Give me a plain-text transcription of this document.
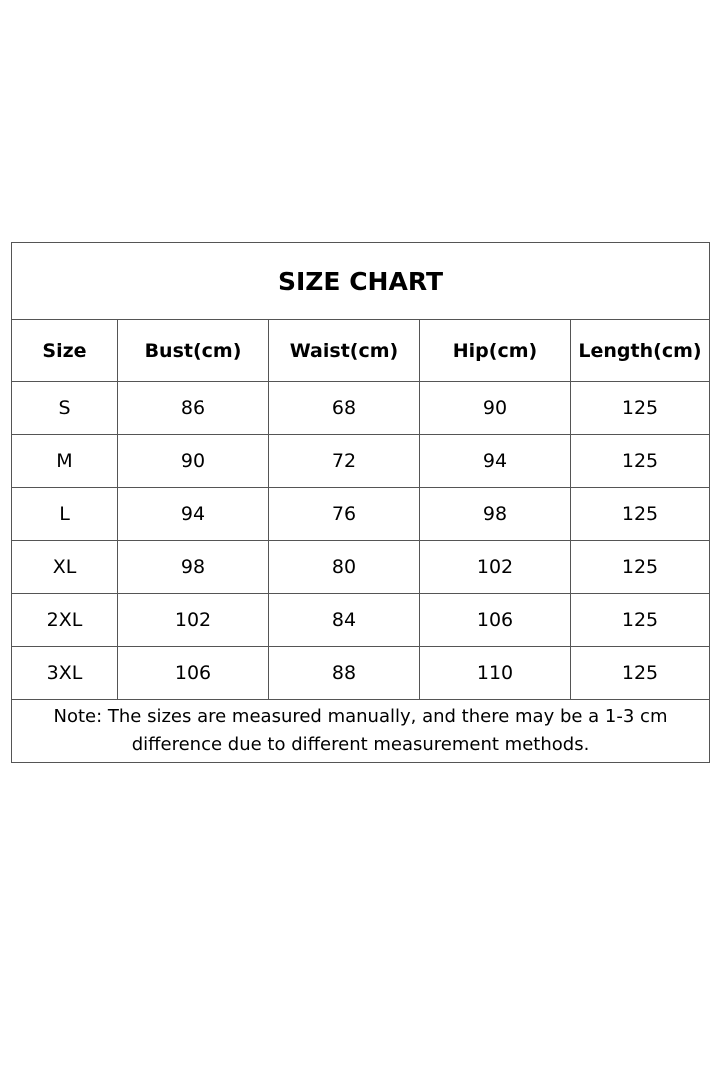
SIZE CHART				
Size	Bust(cm)	Waist(cm)	Hip(cm)	Length(cm)
S	86	68	90	125
M	90	72	94	125
L	94	76	98	125
XL	98	80	102	125
2XL	102	84	106	125
3XL	106	88	110	125
Note: The sizes are measured manually, and there may be a 1-3 cm difference due to different measurement methods.				
